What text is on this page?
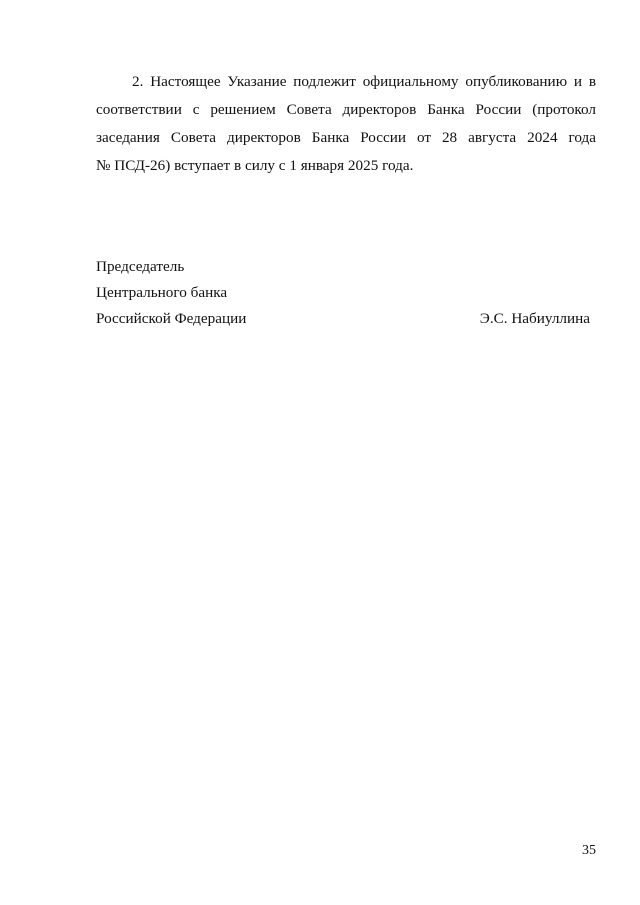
2. Настоящее Указание подлежит официальному опубликованию и в
соответствии с решением Совета директоров Банка России (протокол
заседания Совета директоров Банка России от 28 августа 2024 года
№ ПСД-26) вступает в силу с 1 января 2025 года.

Председатель
Центрального банка
Российской Федерации	Э.С. Набиуллина
35
